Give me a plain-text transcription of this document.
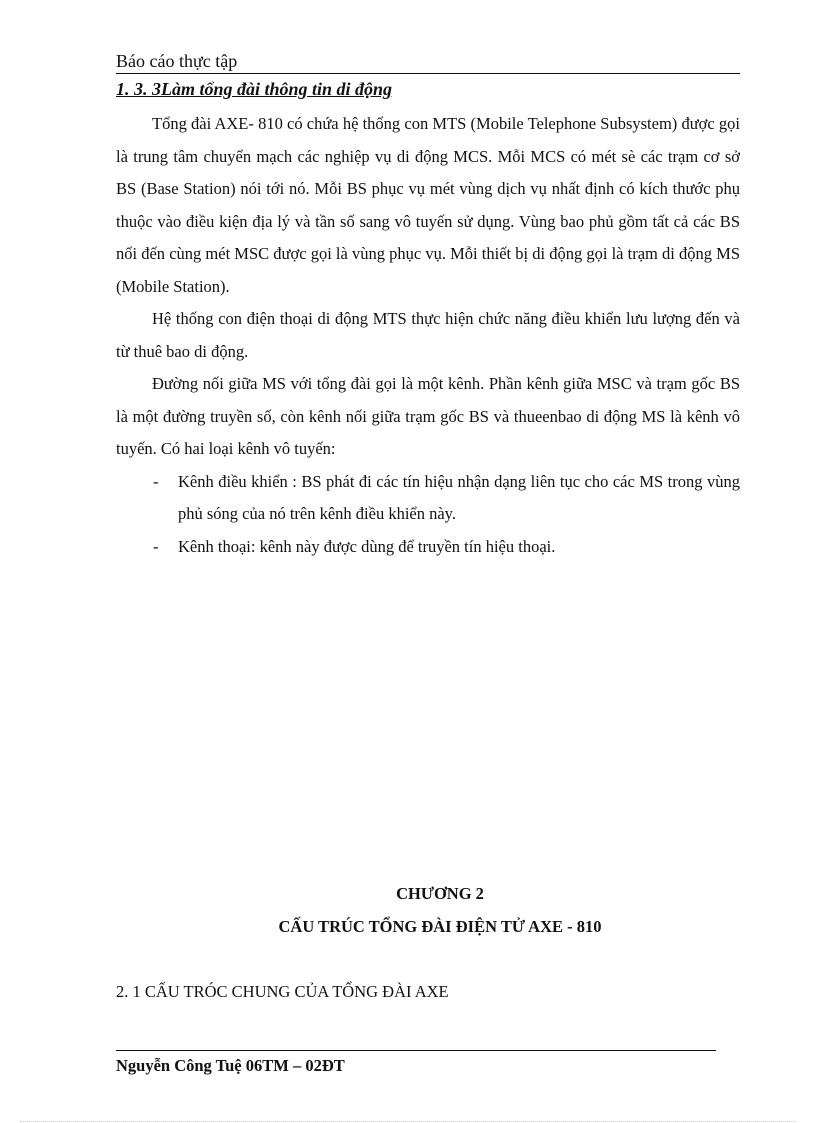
Báo cáo thực tập
1. 3. 3Làm tổng đài thông tin di động

Tổng đài AXE- 810 có chứa hệ thống con MTS (Mobile Telephone Subsystem) được gọi là trung tâm chuyển mạch các nghiệp vụ di động MCS. Mỗi MCS có mét sè các trạm cơ sở BS (Base Station) nói tới nó. Mỗi BS phục vụ mét vùng dịch vụ nhất định có kích thước phụ thuộc vào điều kiện địa lý và tần số sang vô tuyến sử dụng. Vùng bao phủ gồm tất cả các BS nối đến cùng mét MSC được gọi là vùng phục vụ. Mỗi thiết bị di động gọi là trạm di động MS (Mobile Station).

Hệ thống con điện thoại di động MTS thực hiện chức năng điều khiển lưu lượng đến và từ thuê bao di động.

Đường nối giữa MS với tổng đài gọi là một kênh. Phần kênh giữa MSC và trạm gốc BS là một đường truyền số, còn kênh nối giữa trạm gốc BS và thueenbao di động MS là kênh vô tuyến. Có hai loại kênh vô tuyến:

- Kênh điều khiển : BS phát đi các tín hiệu nhận dạng liên tục cho các MS trong vùng phủ sóng của nó trên kênh điều khiển này.
- Kênh thoại: kênh này được dùng để truyền tín hiệu thoại.
CHƯƠNG 2
CẤU TRÚC TỔNG ĐÀI ĐIỆN TỬ AXE - 810
2. 1 CẤU TRÓC CHUNG CỦA TỔNG ĐÀI AXE
Nguyễn Công Tuệ 06TM – 02ĐT
